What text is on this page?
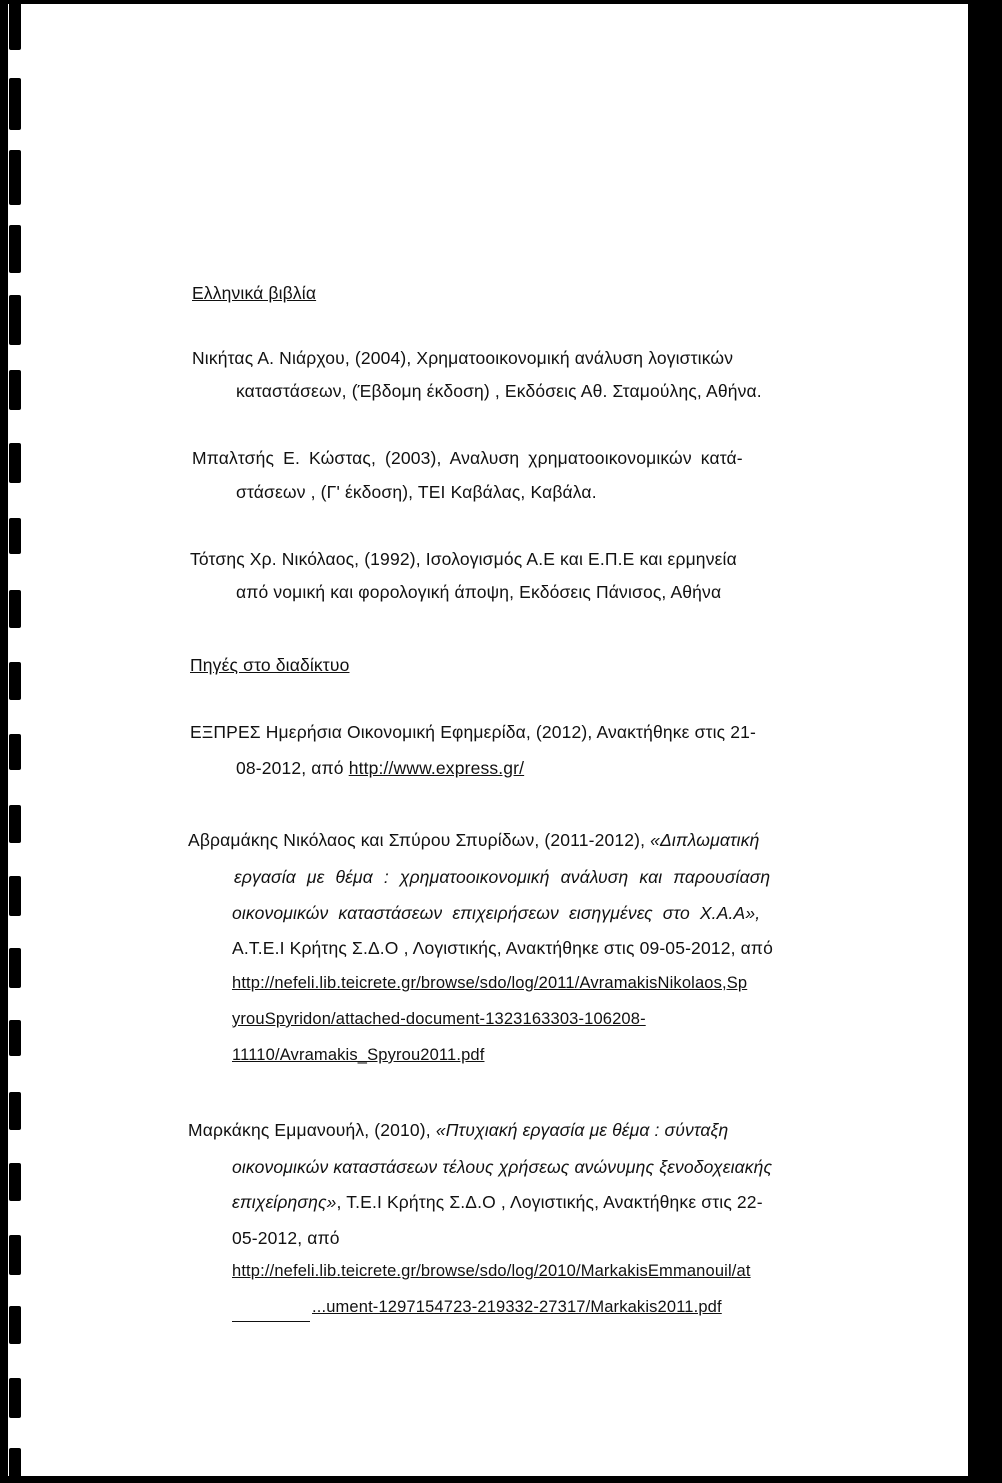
Ελληνικά βιβλία
Νικήτας Α. Νιάρχου, (2004), Χρηματοοικονομική ανάλυση λογιστικών
καταστάσεων, (Έβδομη έκδοση) , Εκδόσεις Αθ. Σταμούλης, Αθήνα.
Μπαλτσής Ε. Κώστας, (2003), Αναλυση χρηματοοικονομικών κατά-
στάσεων , (Γ' έκδοση), ΤΕΙ Καβάλας, Καβάλα.
Τότσης Χρ. Νικόλαος, (1992), Ισολογισμός Α.Ε και Ε.Π.Ε και ερμηνεία
από νομική και φορολογική άποψη, Εκδόσεις Πάνισος, Αθήνα
Πηγές στο διαδίκτυο
ΕΞΠΡΕΣ Ημερήσια Οικονομική Εφημερίδα, (2012), Ανακτήθηκε στις 21-
08-2012, από http://www.express.gr/
Αβραμάκης Νικόλαος και Σπύρου Σπυρίδων, (2011-2012), «Διπλωματική
εργασία με θέμα : χρηματοοικονομική ανάλυση και παρουσίαση
οικονομικών καταστάσεων επιχειρήσεων εισηγμένες στο Χ.Α.Α»,
Α.Τ.Ε.Ι Κρήτης Σ.Δ.Ο , Λογιστικής, Ανακτήθηκε στις 09-05-2012, από
http://nefeli.lib.teicrete.gr/browse/sdo/log/2011/AvramakisNikolaos,Sp
yrouSpyridon/attached-document-1323163303-106208-
11110/Avramakis_Spyrou2011.pdf
Μαρκάκης Εμμανουήλ, (2010), «Πτυχιακή εργασία με θέμα : σύνταξη
οικονομικών καταστάσεων τέλους χρήσεως ανώνυμης ξενοδοχειακής
επιχείρησης», Τ.Ε.Ι Κρήτης Σ.Δ.Ο , Λογιστικής, Ανακτήθηκε στις 22-
05-2012, από
http://nefeli.lib.teicrete.gr/browse/sdo/log/2010/MarkakisEmmanouil/at
...ument-1297154723-219332-27317/Markakis2011.pdf
